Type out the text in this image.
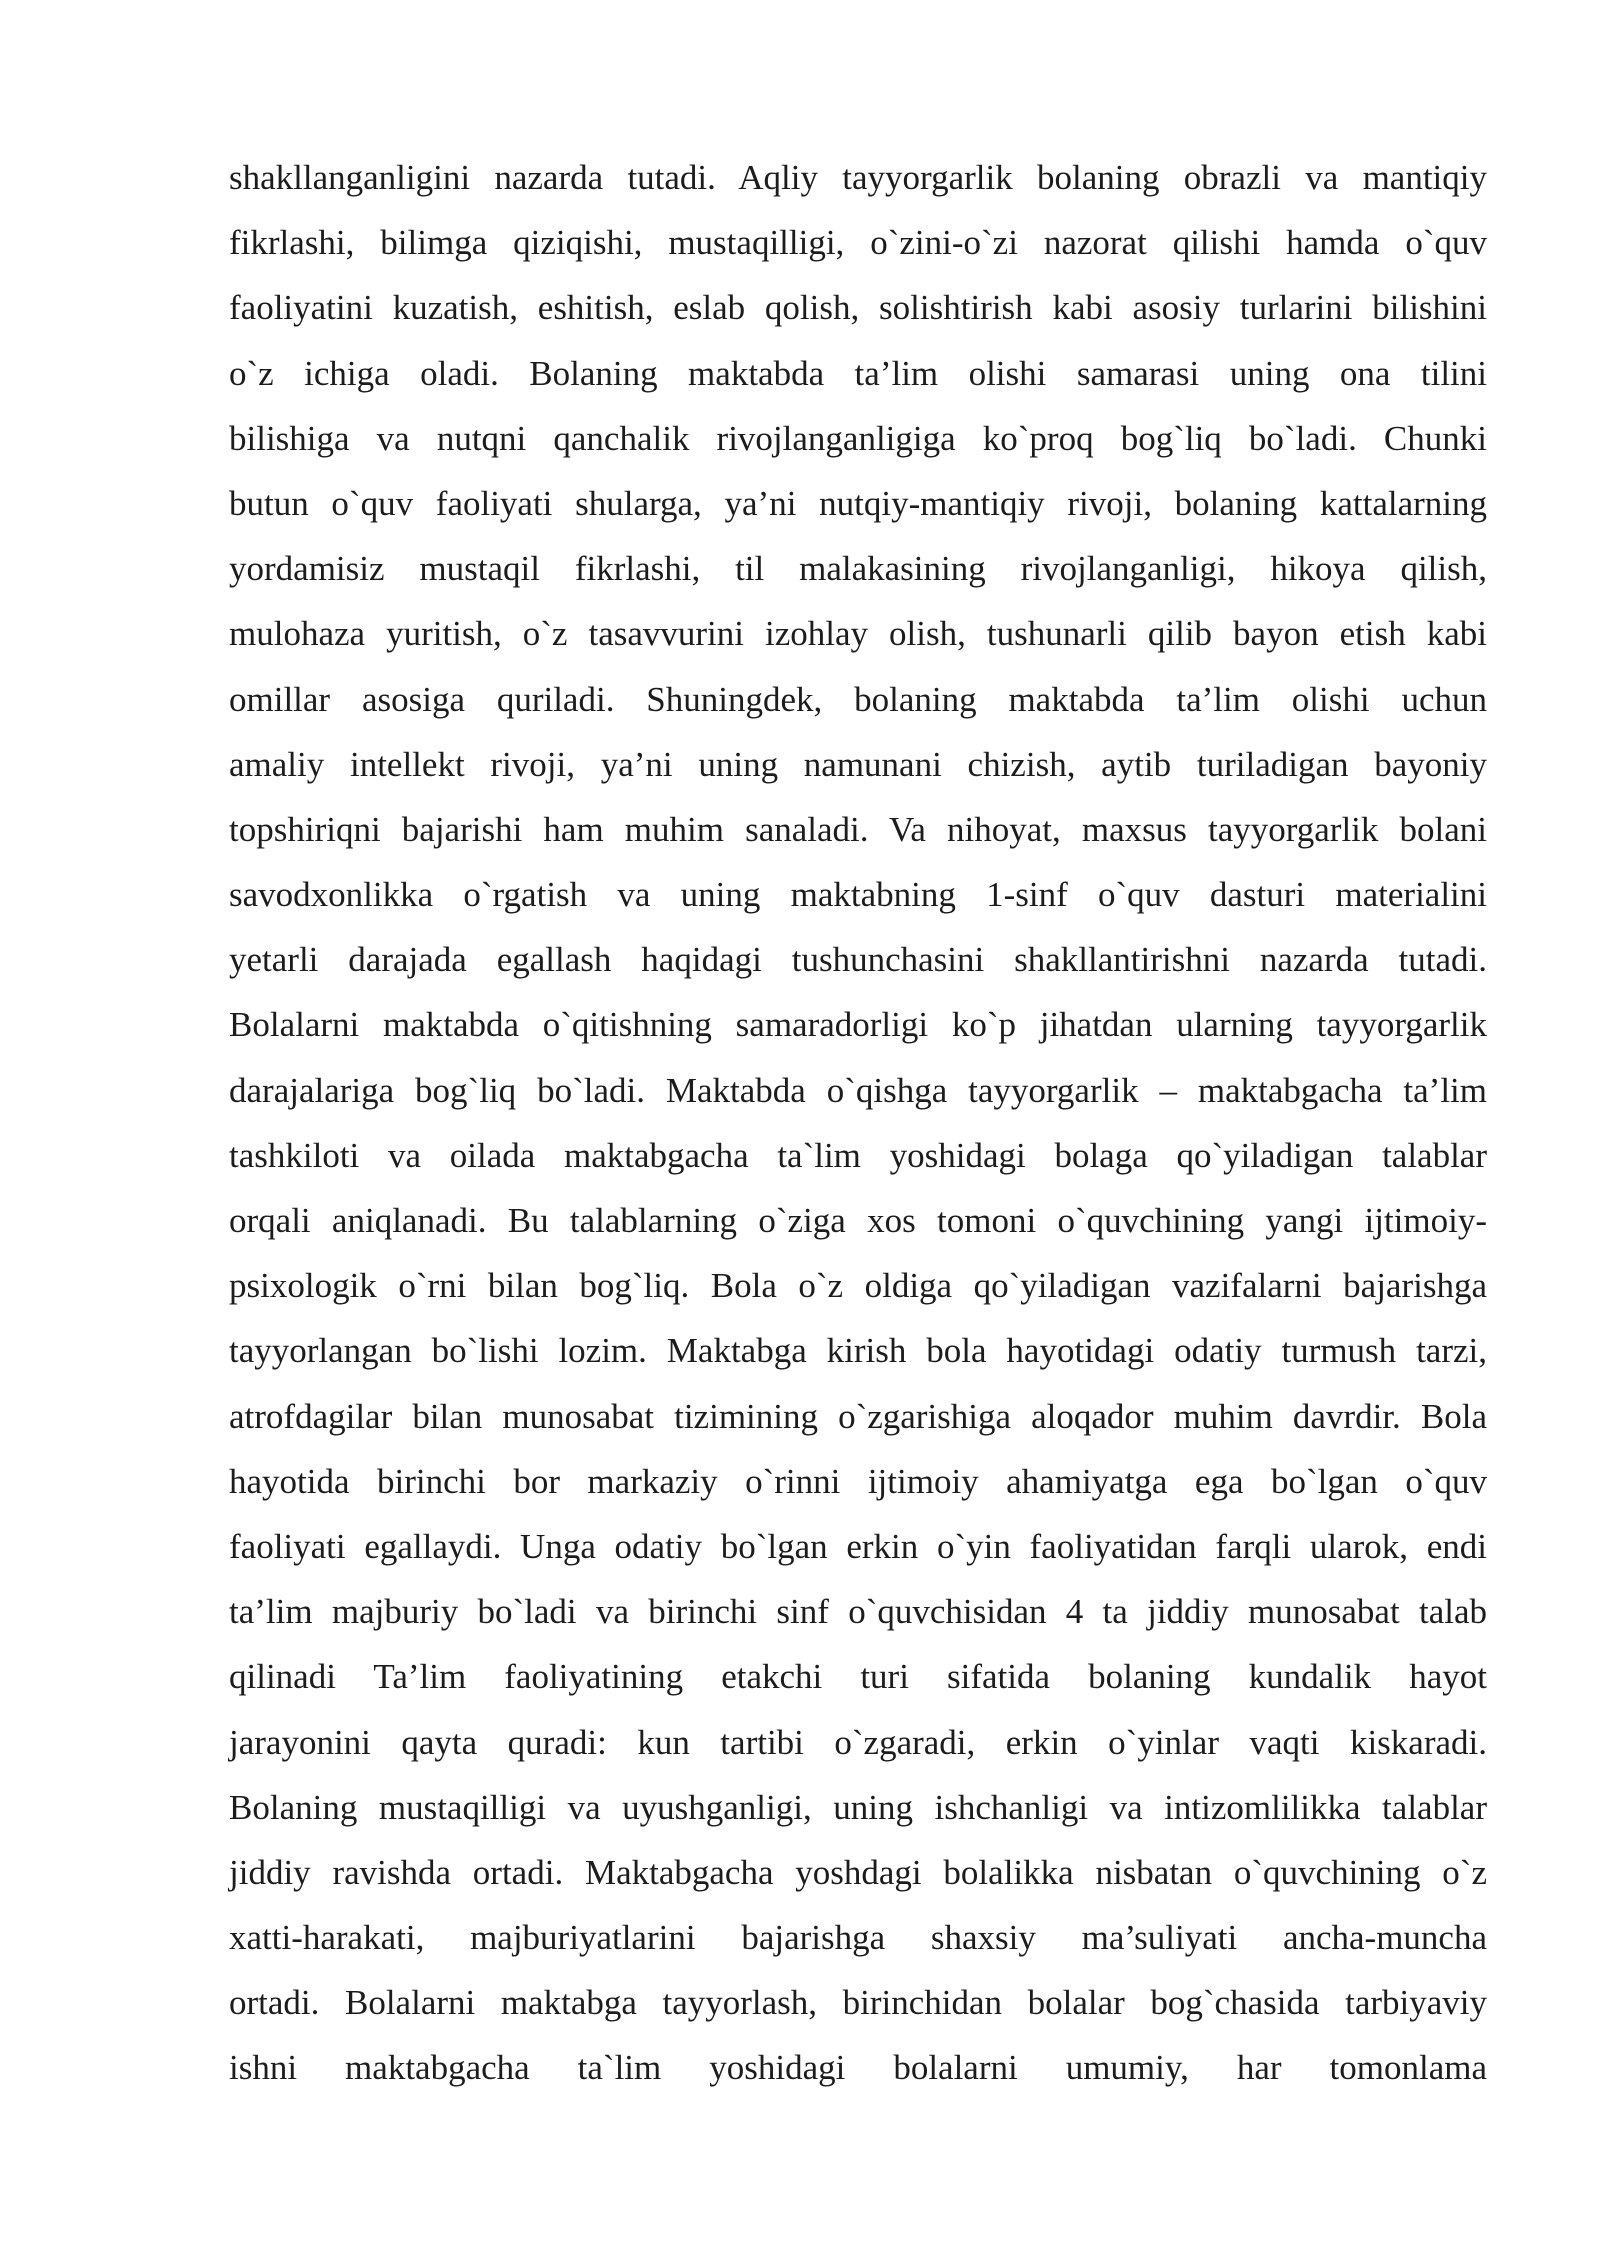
shakllanganligini nazarda tutadi. Aqliy tayyorgarlik bolaning obrazli va mantiqiy
fikrlashi, bilimga qiziqishi, mustaqilligi, o`zini-o`zi nazorat qilishi hamda o`quv
faoliyatini kuzatish, eshitish, eslab qolish, solishtirish kabi asosiy turlarini bilishini
o`z ichiga oladi. Bolaning maktabda ta’lim olishi samarasi uning ona tilini
bilishiga va nutqni qanchalik rivojlanganligiga ko`proq bog`liq bo`ladi. Chunki
butun o`quv faoliyati shularga, ya’ni nutqiy-mantiqiy rivoji, bolaning kattalarning
yordamisiz mustaqil fikrlashi, til malakasining rivojlanganligi, hikoya qilish,
mulohaza yuritish, o`z tasavvurini izohlay olish, tushunarli qilib bayon etish kabi
omillar asosiga quriladi. Shuningdek, bolaning maktabda ta’lim olishi uchun
amaliy intellekt rivoji, ya’ni uning namunani chizish, aytib turiladigan bayoniy
topshiriqni bajarishi ham muhim sanaladi. Va nihoyat, maxsus tayyorgarlik bolani
savodxonlikka o`rgatish va uning maktabning 1-sinf o`quv dasturi materialini
yetarli darajada egallash haqidagi tushunchasini shakllantirishni nazarda tutadi.
Bolalarni maktabda o`qitishning samaradorligi ko`p jihatdan ularning tayyorgarlik
darajalariga bog`liq bo`ladi. Maktabda o`qishga tayyorgarlik – maktabgacha ta’lim
tashkiloti va oilada maktabgacha ta`lim yoshidagi bolaga qo`yiladigan talablar
orqali aniqlanadi. Bu talablarning o`ziga xos tomoni o`quvchining yangi ijtimoiy-
psixologik o`rni bilan bog`liq. Bola o`z oldiga qo`yiladigan vazifalarni bajarishga
tayyorlangan bo`lishi lozim. Maktabga kirish bola hayotidagi odatiy turmush tarzi,
atrofdagilar bilan munosabat tizimining o`zgarishiga aloqador muhim davrdir. Bola
hayotida birinchi bor markaziy o`rinni ijtimoiy ahamiyatga ega bo`lgan o`quv
faoliyati egallaydi. Unga odatiy bo`lgan erkin o`yin faoliyatidan farqli ularok, endi
ta’lim majburiy bo`ladi va birinchi sinf o`quvchisidan 4 ta jiddiy munosabat talab
qilinadi Ta’lim faoliyatining etakchi turi sifatida bolaning kundalik hayot
jarayonini qayta quradi: kun tartibi o`zgaradi, erkin o`yinlar vaqti kiskaradi.
Bolaning mustaqilligi va uyushganligi, uning ishchanligi va intizomlilikka talablar
jiddiy ravishda ortadi. Maktabgacha yoshdagi bolalikka nisbatan o`quvchining o`z
xatti-harakati, majburiyatlarini bajarishga shaxsiy ma’suliyati ancha-muncha
ortadi. Bolalarni maktabga tayyorlash, birinchidan bolalar bog`chasida tarbiyaviy
ishni maktabgacha ta`lim yoshidagi bolalarni umumiy, har tomonlama
